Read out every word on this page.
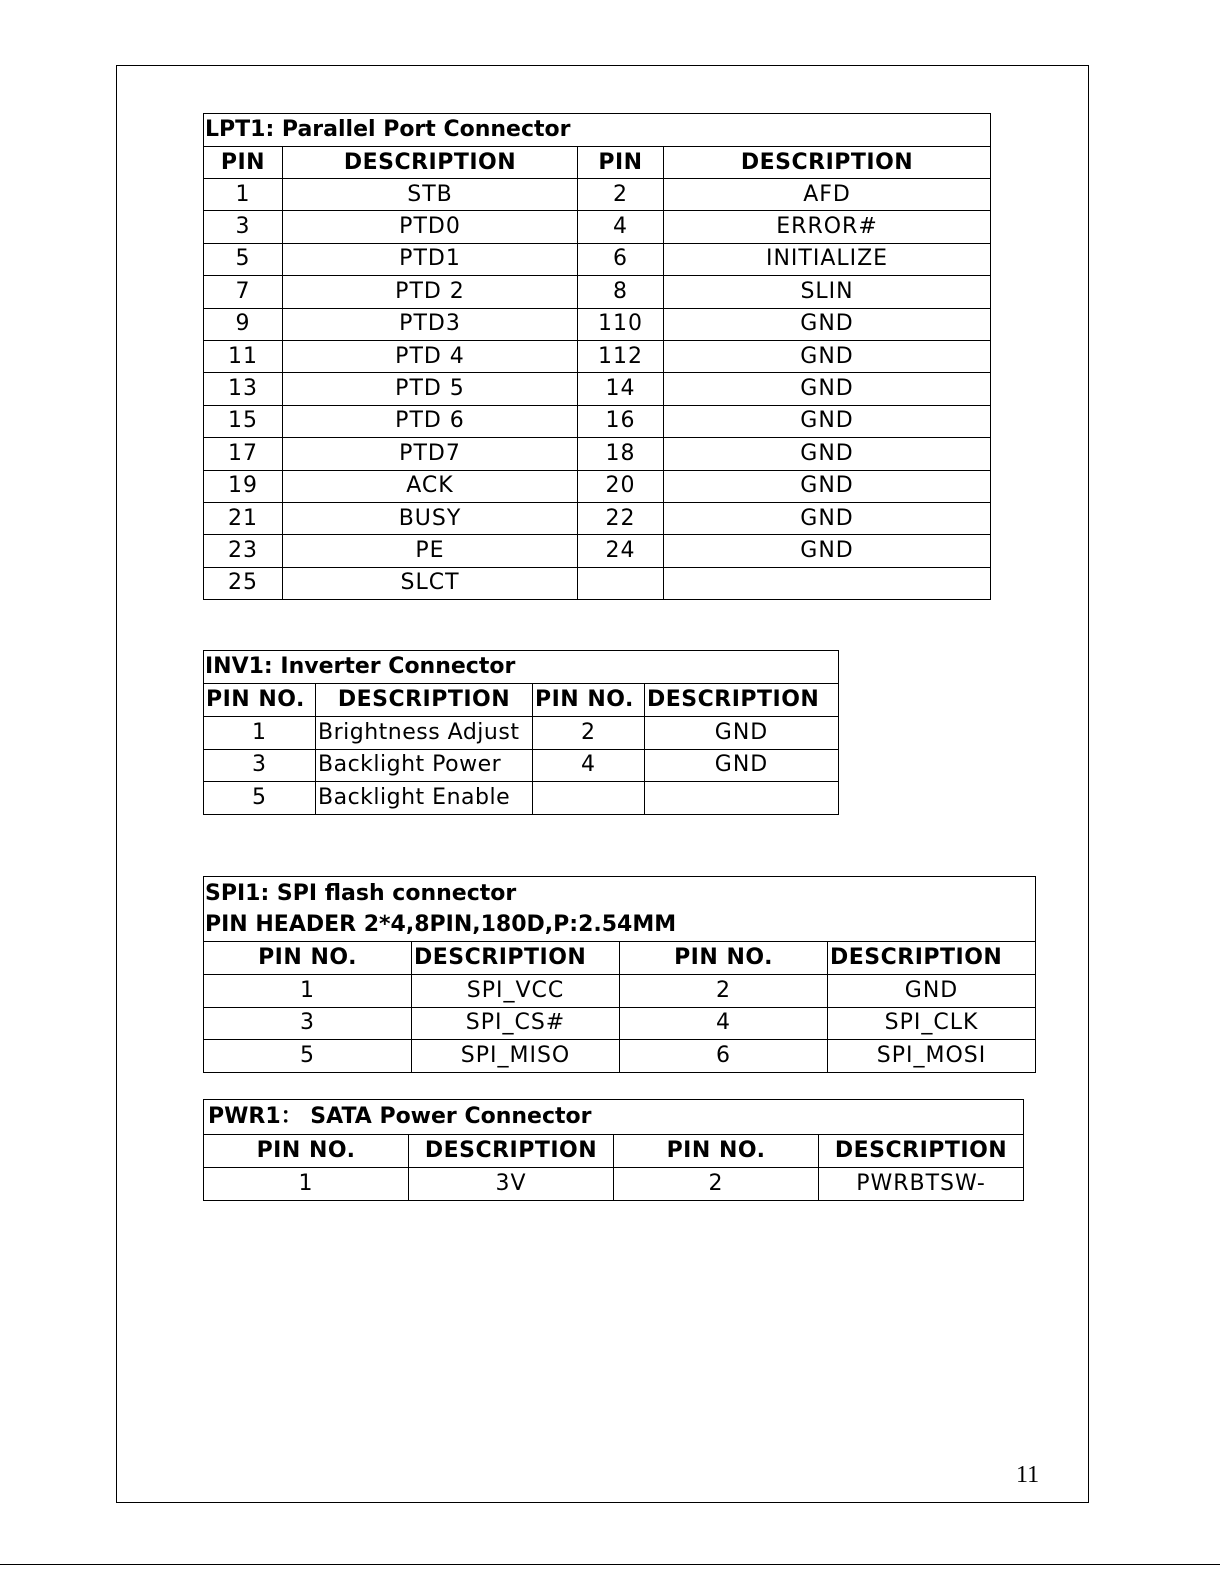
LPT1: Parallel Port Connector			
PIN	DESCRIPTION	PIN	DESCRIPTION
1	STB	2	AFD
3	PTD0	4	ERROR#
5	PTD1	6	INITIALIZE
7	PTD 2	8	SLIN
9	PTD3	110	GND
11	PTD 4	112	GND
13	PTD 5	14	GND
15	PTD 6	16	GND
17	PTD7	18	GND
19	ACK	20	GND
21	BUSY	22	GND
23	PE	24	GND
25	SLCT		
INV1: Inverter Connector			
PIN NO.	DESCRIPTION	PIN NO.	DESCRIPTION
1	Brightness Adjust	2	GND
3	Backlight Power	4	GND
5	Backlight Enable		
SPI1: SPI flash connector
PIN HEADER 2*4,8PIN,180D,P:2.54MM			

PIN NO.	DESCRIPTION	PIN NO.	DESCRIPTION
1	SPI_VCC	2	GND
3	SPI_CS#	4	SPI_CLK
5	SPI_MISO	6	SPI_MOSI
PWR1： SATA Power Connector			
PIN NO.	DESCRIPTION	PIN NO.	DESCRIPTION
1	3V	2	PWRBTSW-
11
